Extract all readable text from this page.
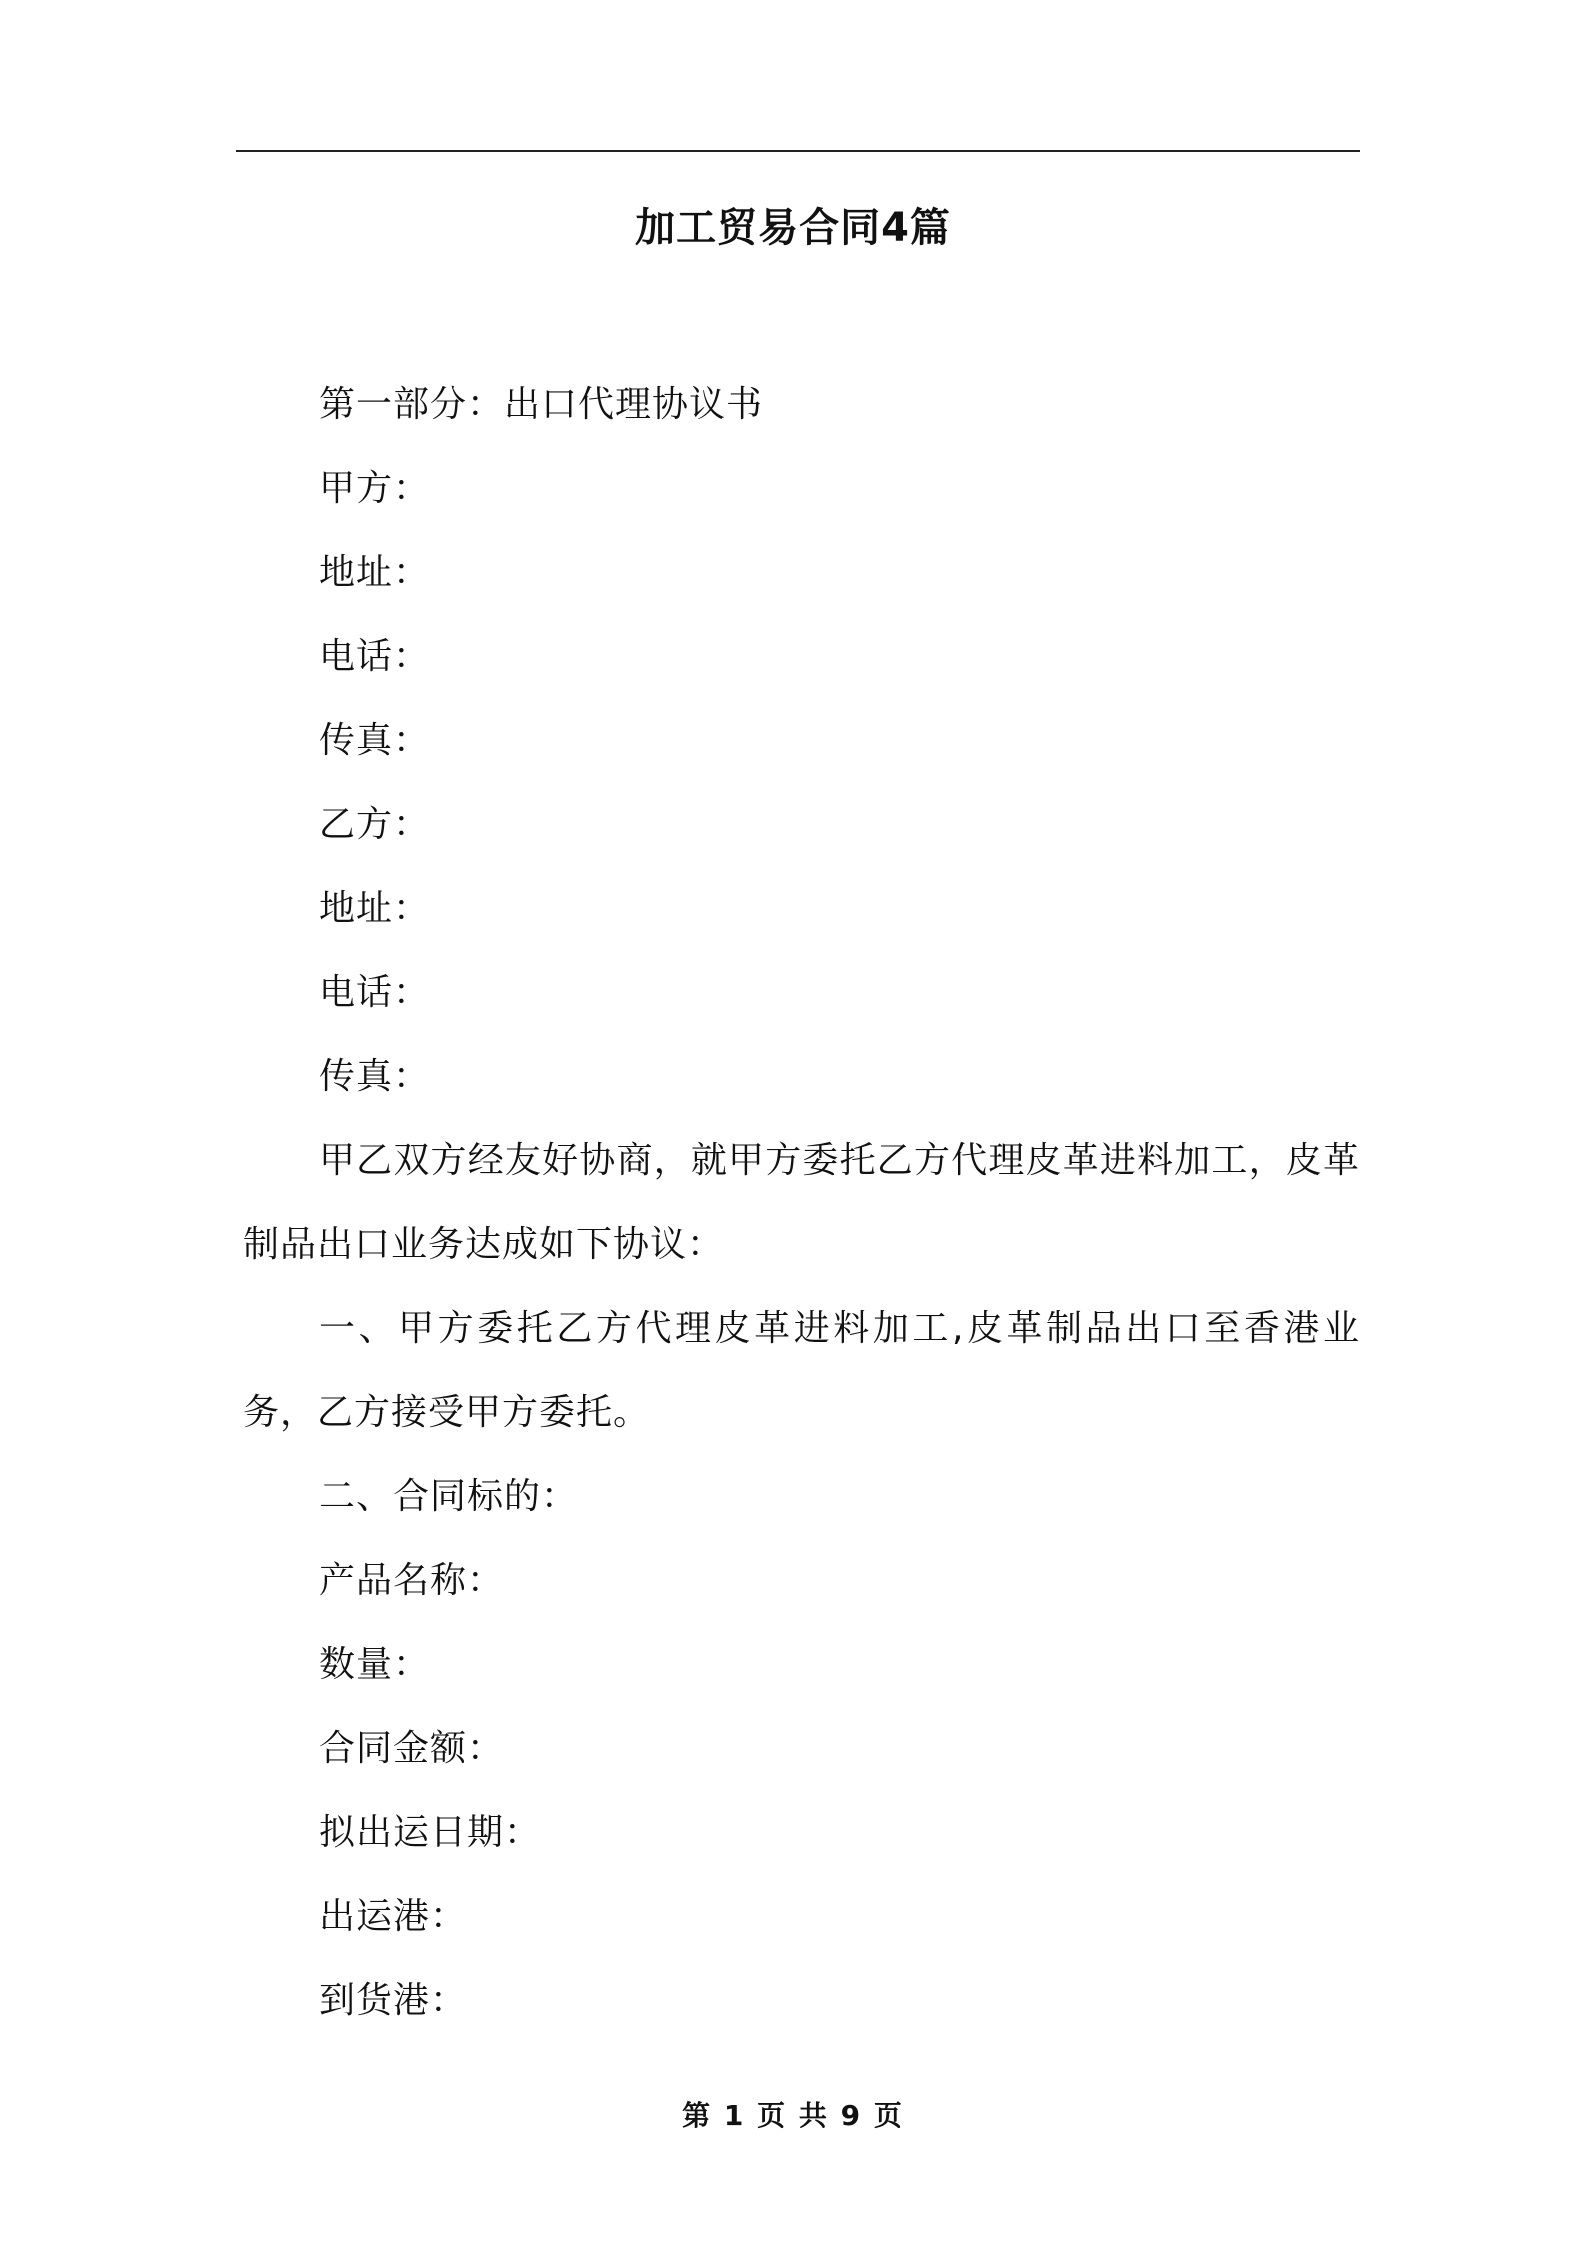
加工贸易合同4篇
第一部分：出口代理协议书
甲方：
地址：
电话：
传真：
乙方：
地址：
电话：
传真：
甲乙双方经友好协商，就甲方委托乙方代理皮革进料加工，皮革制品出口业务达成如下协议：
一、甲方委托乙方代理皮革进料加工,皮革制品出口至香港业务，乙方接受甲方委托。
二、合同标的：
产品名称：
数量：
合同金额：
拟出运日期：
出运港：
到货港：
第 1 页 共 9 页
